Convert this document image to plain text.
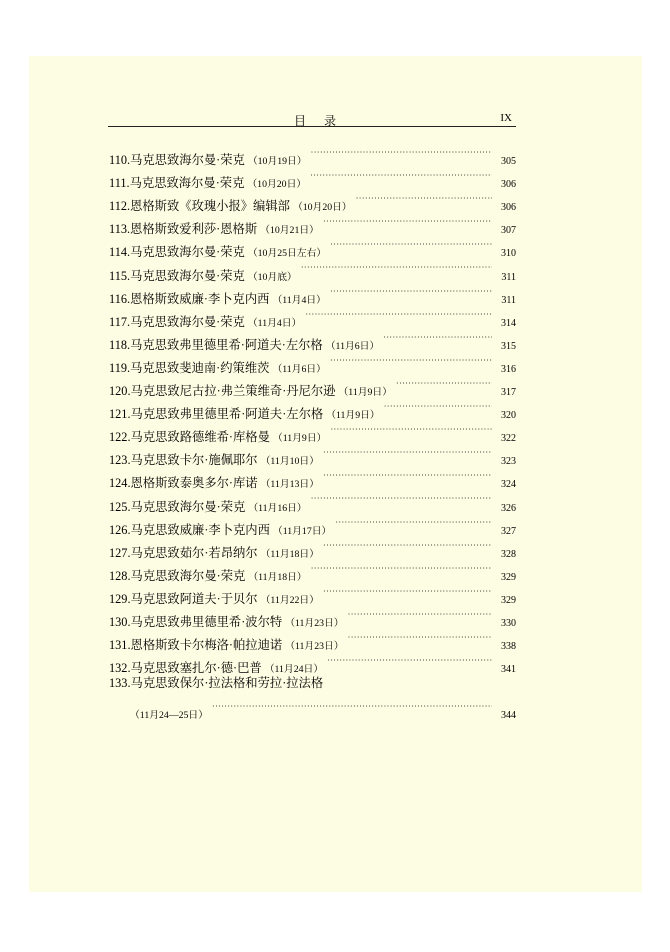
目录	IX
110. 马克思致海尔曼·荣克 （10月19日） ·····	305
111. 马克思致海尔曼·荣克 （10月20日） ·····	306
112. 恩格斯致《玫瑰小报》编辑部 （10月20日） ·····	306
113. 恩格斯致爱利莎·恩格斯 （10月21日） ·····	307
114. 马克思致海尔曼·荣克 （10月25日左右） ·····	310
115. 马克思致海尔曼·荣克 （10月底） ·····	311
116. 恩格斯致威廉·李卜克内西 （11月4日） ·····	311
117. 马克思致海尔曼·荣克 （11月4日） ·····	314
118. 马克思致弗里德里希·阿道夫·左尔格 （11月6日） ·····	315
119. 马克思致斐迪南·约策维茨 （11月6日） ·····	316
120. 马克思致尼古拉·弗兰策维奇·丹尼尔逊 （11月9日） ·····	317
121. 马克思致弗里德里希·阿道夫·左尔格 （11月9日） ·····	320
122. 马克思致路德维希·库格曼 （11月9日） ·····	322
123. 马克思致卡尔·施佩耶尔 （11月10日） ·····	323
124. 恩格斯致泰奥多尔·库诺 （11月13日） ·····	324
125. 马克思致海尔曼·荣克 （11月16日） ·····	326
126. 马克思致威廉·李卜克内西 （11月17日） ·····	327
127. 马克思致茹尔·若昂纳尔 （11月18日） ·····	328
128. 马克思致海尔曼·荣克 （11月18日） ·····	329
129. 马克思致阿道夫·于贝尔 （11月22日） ·····	329
130. 马克思致弗里德里希·波尔特 （11月23日） ·····	330
131. 恩格斯致卡尔梅洛·帕拉迪诺 （11月23日） ·····	338
132. 马克思致塞扎尔·德·巴普 （11月24日） ·····	341
133. 马克思致保尔·拉法格和劳拉·拉法格
（11月24—25日） ·····	344
